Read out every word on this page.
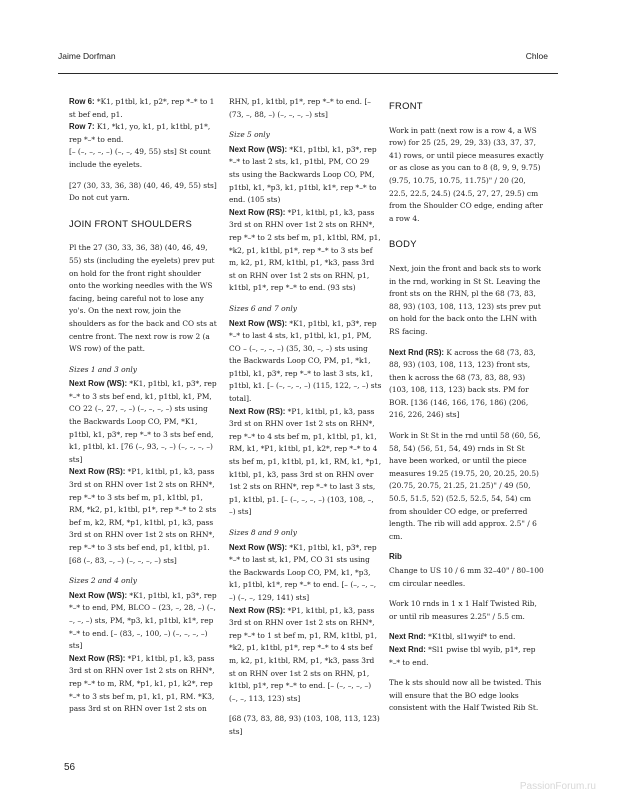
Jaime Dorfman	Chloe

Row 6: *K1, p1tbl, k1, p2*, rep *–* to 1 st bef end, p1.
Row 7: K1, *k1, yo, k1, p1, k1tbl, p1*, rep *–* to end.
[– (–, –, –, –) (–, –, 49, 55) sts] St count include the eyelets.

[27 (30, 33, 36, 38) (40, 46, 49, 55) sts] Do not cut yarn.

JOIN FRONT SHOULDERS

Pl the 27 (30, 33, 36, 38) (40, 46, 49, 55) sts (including the eyelets) prev put on hold for the front right shoulder onto the working needles with the WS facing, being careful not to lose any yo's. On the next row, join the shoulders as for the back and CO sts at centre front. The next row is row 2 (a WS row) of the patt.

Sizes 1 and 3 only

Next Row (WS): *K1, p1tbl, k1, p3*, rep *–* to 3 sts bef end, k1, p1tbl, k1, PM, CO 22 (–, 27, –, –) (–, –, –, –) sts using the Backwards Loop CO, PM, *K1, p1tbl, k1, p3*, rep *–* to 3 sts bef end, k1, p1tbl, k1. [76 (–, 93, –, –) (–, –, –, –) sts]

Next Row (RS): *P1, k1tbl, p1, k3, pass 3rd st on RHN over 1st 2 sts on RHN*, rep *–* to 3 sts bef m, p1, k1tbl, p1, RM, *k2, p1, k1tbl, p1*, rep *–* to 2 sts bef m, k2, RM, *p1, k1tbl, p1, k3, pass 3rd st on RHN over 1st 2 sts on RHN*, rep *–* to 3 sts bef end, p1, k1tbl, p1. [68 (–, 83, –, –) (–, –, –, –) sts]

Sizes 2 and 4 only

Next Row (WS): *K1, p1tbl, k1, p3*, rep *–* to end, PM, BLCO – (23, –, 28, –) (–, –, –, –) sts, PM, *p3, k1, p1tbl, k1*, rep *–* to end. [– (83, –, 100, –) (–, –, –, –) sts]

Next Row (RS): *P1, k1tbl, p1, k3, pass 3rd st on RHN over 1st 2 sts on RHN*, rep *–* to m, RM, *p1, k1, p1, k2*, rep *–* to 3 sts bef m, p1, k1, p1, RM. *K3, pass 3rd st on RHN over 1st 2 sts on

RHN, p1, k1tbl, p1*, rep *–* to end. [– (73, –, 88, –) (–, –, –, –) sts]

Size 5 only

Next Row (WS): *K1, p1tbl, k1, p3*, rep *–* to last 2 sts, k1, p1tbl, PM, CO 29 sts using the Backwards Loop CO, PM, p1tbl, k1, *p3, k1, p1tbl, k1*, rep *–* to end. (105 sts)

Next Row (RS): *P1, k1tbl, p1, k3, pass 3rd st on RHN over 1st 2 sts on RHN*, rep *–* to 2 sts bef m, p1, k1tbl, RM, p1, *k2, p1, k1tbl, p1*, rep *–* to 3 sts bef m, k2, p1, RM, k1tbl, p1, *k3, pass 3rd st on RHN over 1st 2 sts on RHN, p1, k1tbl, p1*, rep *–* to end. (93 sts)

Sizes 6 and 7 only

Next Row (WS): *K1, p1tbl, k1, p3*, rep *–* to last 4 sts, k1, p1tbl, k1, p1, PM, CO – (–, –, –, –) (35, 30, –, –) sts using the Backwards Loop CO, PM, p1, *k1, p1tbl, k1, p3*, rep *–* to last 3 sts, k1, p1tbl, k1. [– (–, –, –, –) (115, 122, –, –) sts total].

Next Row (RS): *P1, k1tbl, p1, k3, pass 3rd st on RHN over 1st 2 sts on RHN*, rep *–* to 4 sts bef m, p1, k1tbl, p1, k1, RM, k1, *P1, k1tbl, p1, k2*, rep *–* to 4 sts bef m, p1, k1tbl, p1, k1, RM, k1, *p1, k1tbl, p1, k3, pass 3rd st on RHN over 1st 2 sts on RHN*, rep *–* to last 3 sts, p1, k1tbl, p1. [– (–, –, –, –) (103, 108, –, –) sts]

Sizes 8 and 9 only

Next Row (WS): *K1, p1tbl, k1, p3*, rep *–* to last st, k1, PM, CO 31 sts using the Backwards Loop CO, PM, k1, *p3, k1, p1tbl, k1*, rep *–* to end. [– (–, –, –, –) (–, –, 129, 141) sts]

Next Row (RS): *P1, k1tbl, p1, k3, pass 3rd st on RHN over 1st 2 sts on RHN*, rep *–* to 1 st bef m, p1, RM, k1tbl, p1, *k2, p1, k1tbl, p1*, rep *–* to 4 sts bef m, k2, p1, k1tbl, RM, p1, *k3, pass 3rd st on RHN over 1st 2 sts on RHN, p1, k1tbl, p1*, rep *–* to end. [– (–, –, –, –) (–, –, 113, 123) sts]

[68 (73, 83, 88, 93) (103, 108, 113, 123) sts]

FRONT

Work in patt (next row is a row 4, a WS row) for 25 (25, 29, 29, 33) (33, 37, 37, 41) rows, or until piece measures exactly or as close as you can to 8 (8, 9, 9, 9.75) (9.75, 10.75, 10.75, 11.75)" / 20 (20, 22.5, 22.5, 24.5) (24.5, 27, 27, 29.5) cm from the Shoulder CO edge, ending after a row 4.

BODY

Next, join the front and back sts to work in the rnd, working in St St. Leaving the front sts on the RHN, pl the 68 (73, 83, 88, 93) (103, 108, 113, 123) sts prev put on hold for the back onto the LHN with RS facing.

Next Rnd (RS): K across the 68 (73, 83, 88, 93) (103, 108, 113, 123) front sts, then k across the 68 (73, 83, 88, 93) (103, 108, 113, 123) back sts. PM for BOR. [136 (146, 166, 176, 186) (206, 216, 226, 246) sts]

Work in St St in the rnd until 58 (60, 56, 58, 54) (56, 51, 54, 49) rnds in St St have been worked, or until the piece measures 19.25 (19.75, 20, 20.25, 20.5) (20.75, 20.75, 21.25, 21.25)" / 49 (50, 50.5, 51.5, 52) (52.5, 52.5, 54, 54) cm from shoulder CO edge, or preferred length. The rib will add approx. 2.5" / 6 cm.

Rib

Change to US 10 / 6 mm 32–40" / 80–100 cm circular needles.

Work 10 rnds in 1 x 1 Half Twisted Rib, or until rib measures 2.25" / 5.5 cm.

Next Rnd: *K1tbl, sl1wyif* to end.
Next Rnd: *Sl1 pwise tbl wyib, p1*, rep *–* to end.

The k sts should now all be twisted. This will ensure that the BO edge looks consistent with the Half Twisted Rib St.

56
PassionForum.ru
